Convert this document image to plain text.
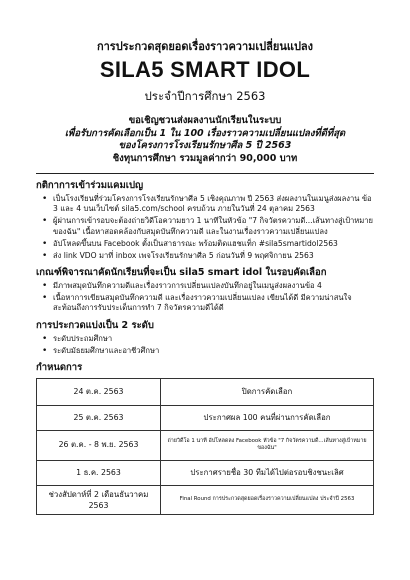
การประกวดสุดยอดเรื่องราวความเปลี่ยนแปลง
SILA5 SMART IDOL
ประจำปีการศึกษา 2563
ขอเชิญชวนส่งผลงานนักเรียนในระบบ
เพื่อรับการคัดเลือกเป็น 1 ใน 100 เรื่องราวความเปลี่ยนแปลงที่ดีที่สุด
ของโครงการโรงเรียนรักษาศีล 5 ปี 2563
ชิงทุนการศึกษา รวมมูลค่ากว่า 90,000 บาท
กติกาการเข้าร่วมแคมเปญ
• เป็นโรงเรียนที่ร่วมโครงการโรงเรียนรักษาศีล 5 เชิงคุณภาพ ปี 2563 ส่งผลงานในเมนูส่งผลงาน ข้อ 3 และ 4 บนเว็บไซต์ sila5.com/school ครบถ้วน ภายในวันที่ 24 ตุลาคม 2563
• ผู้ผ่านการเข้ารอบจะต้องถ่ายวิดีโอความยาว 1 นาทีในหัวข้อ "7 กิจวัตรความดี...เส้นทางสู่เป้าหมายของฉัน" เนื้อหาสอดคล้องกับสมุดบันทึกความดี และในงานเรื่องราวความเปลี่ยนแปลง
• อัปโหลดขึ้นบน Facebook ตั้งเป็นสาธารณะ พร้อมติดแฮชแท็ก #sila5smartidol2563
• ส่ง link VDO มาที่ inbox เพจโรงเรียนรักษาศีล 5 ก่อนวันที่ 9 พฤศจิกายน 2563
เกณฑ์พิจารณาคัดนักเรียนที่จะเป็น sila5 smart idol ในรอบคัดเลือก
• มีภาพสมุดบันทึกความดีและเรื่องราวการเปลี่ยนแปลงบันทึกอยู่ในเมนูส่งผลงานข้อ 4
• เนื้อหาการเขียนสมุดบันทึกความดี และเรื่องราวความเปลี่ยนแปลง เขียนได้ดี มีความน่าสนใจ สะท้อนถึงการรับประเด็นการทำ 7 กิจวัตรความดีได้ดี
การประกวดแบ่งเป็น 2 ระดับ
• ระดับประถมศึกษา
• ระดับมัธยมศึกษาและอาชีวศึกษา
กำหนดการ
24 ต.ค. 2563	ปิดการคัดเลือก
25 ต.ค. 2563	ประกาศผล 100 คนที่ผ่านการคัดเลือก
26 ต.ค. - 8 พ.ย. 2563	ถ่ายวิดีโอ 1 นาที อัปโหลดลง Facebook หัวข้อ "7 กิจวัตรความดี...เส้นทางสู่เป้าหมายของฉัน"
1 ธ.ค. 2563	ประกาศรายชื่อ 30 ทีมได้ไปต่อรอบชิงชนะเลิศ
ช่วงสัปดาห์ที่ 2 เดือนธันวาคม 2563	Final Round การประกวดสุดยอดเรื่องราวความเปลี่ยนแปลง ประจำปี 2563
